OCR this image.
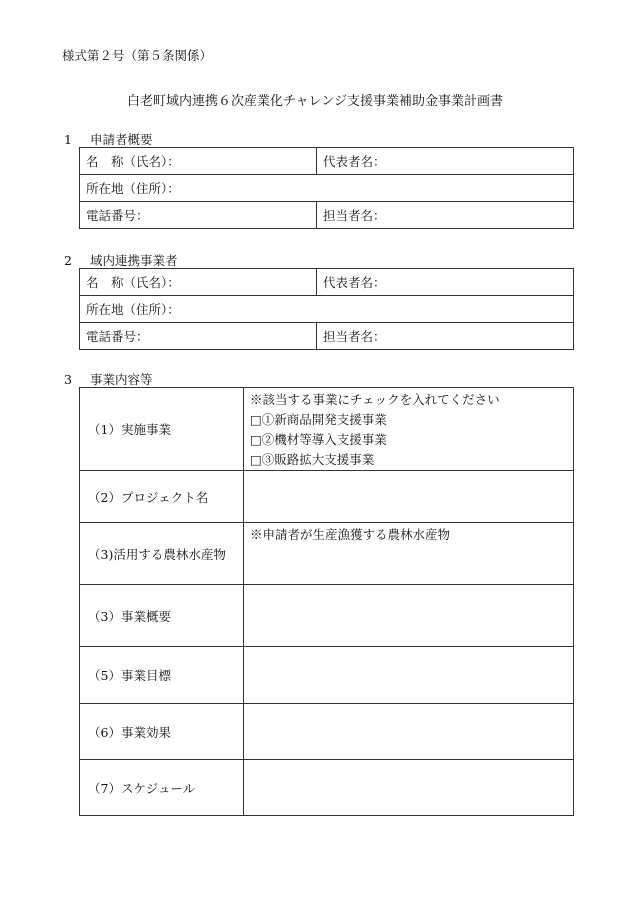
様式第２号（第５条関係）
白老町域内連携６次産業化チャレンジ支援事業補助金事業計画書
1 申請者概要
名　称（氏名）：	代表者名：
所在地（住所）：	
電話番号：	担当者名：
2 域内連携事業者
名　称（氏名）：	代表者名：
所在地（住所）：	
電話番号：	担当者名：
3 事業内容等
（1）実施事業	※該当する事業にチェックを入れてください
□①新商品開発支援事業
□②機材等導入支援事業
□③販路拡大支援事業

（2）プロジェクト名	
（3)活用する農林水産物	※申請者が生産漁獲する農林水産物
（3）事業概要	
（5）事業目標	
（6）事業効果	
（7）スケジュール	
